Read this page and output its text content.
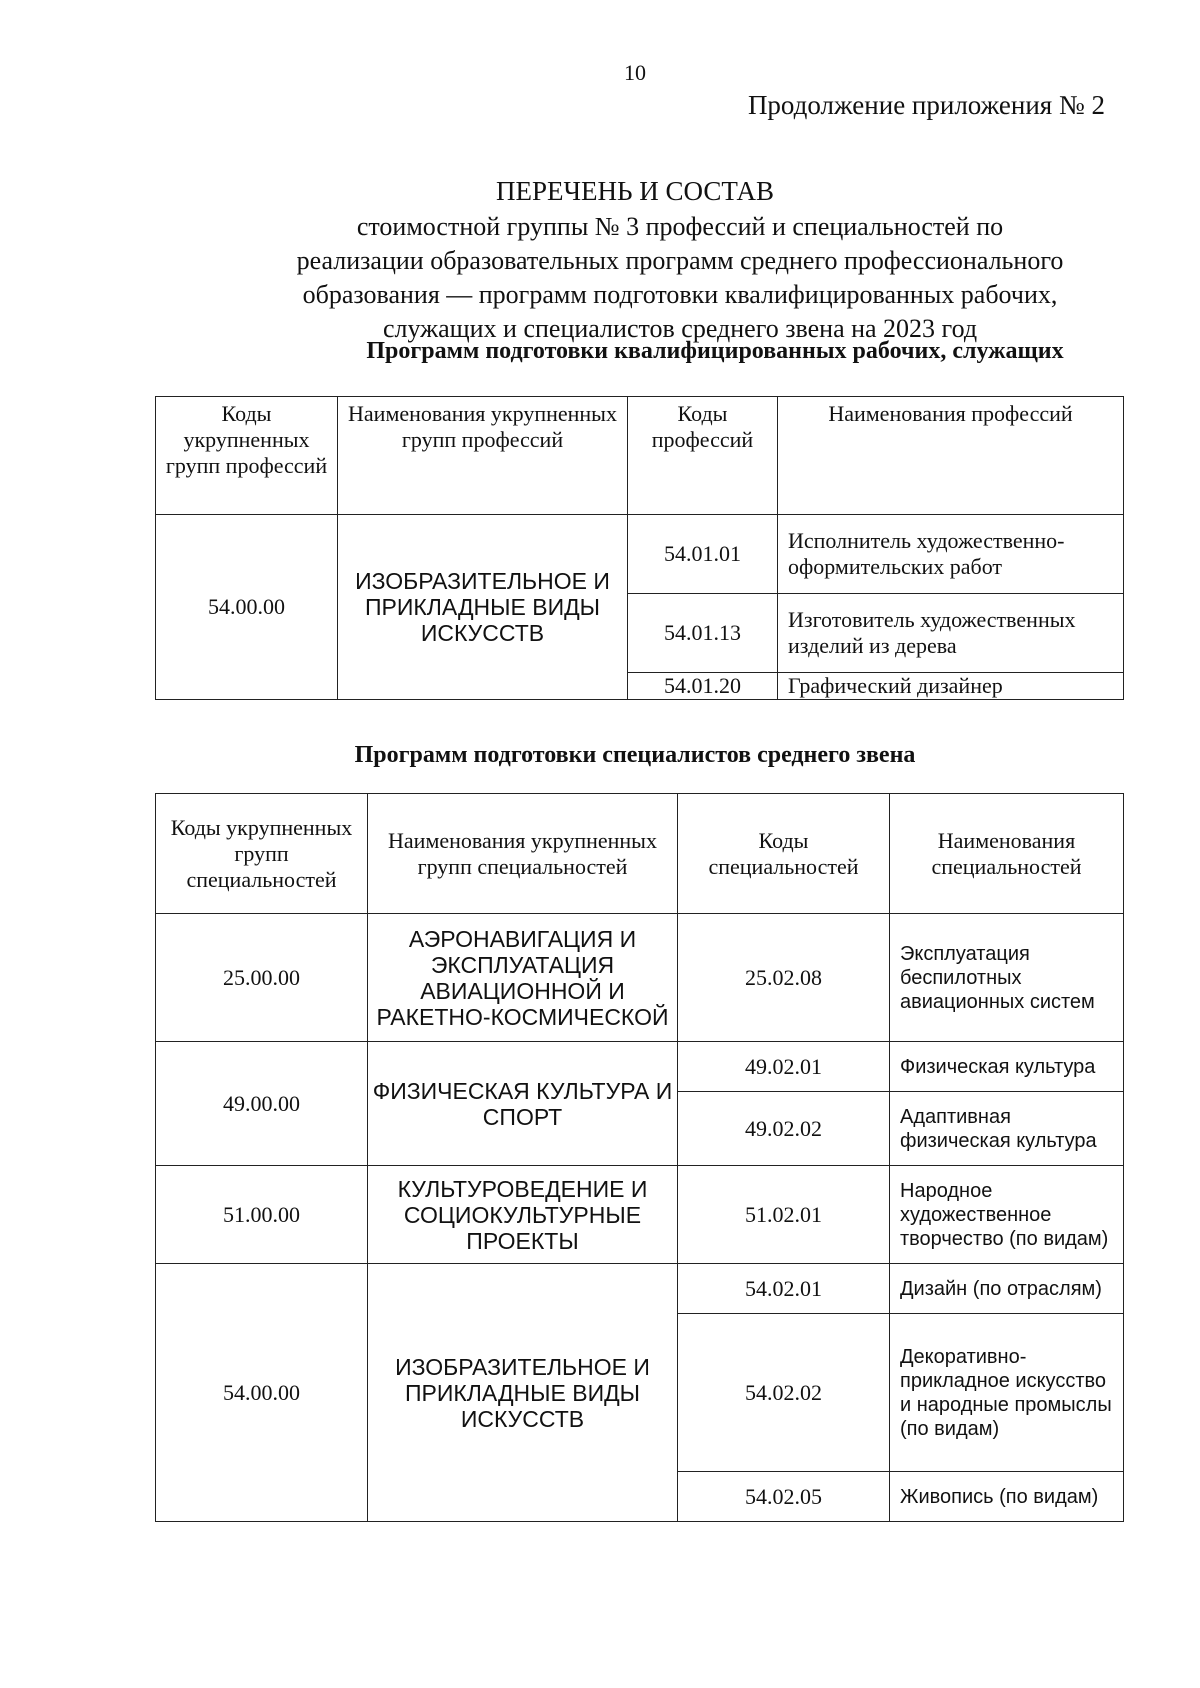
10
Продолжение приложения № 2
ПЕРЕЧЕНЬ И СОСТАВ
стоимостной группы № 3 профессий и специальностей по
реализации образовательных программ среднего профессионального
образования — программ подготовки квалифицированных рабочих,
служащих и специалистов среднего звена на 2023 год
Программ подготовки квалифицированных рабочих, служащих
Коды укрупненных групп профессий	Наименования укрупненных групп профессий	Коды профессий	Наименования профессий
54.00.00	ИЗОБРАЗИТЕЛЬНОЕ И ПРИКЛАДНЫЕ ВИДЫ ИСКУССТВ	54.01.01	Исполнитель художественно-оформительских работ
		54.01.13	Изготовитель художественных изделий из дерева
		54.01.20	Графический дизайнер
Программ подготовки специалистов среднего звена
Коды укрупненных групп специальностей	Наименования укрупненных групп специальностей	Коды специальностей	Наименования специальностей
25.00.00	АЭРОНАВИГАЦИЯ И ЭКСПЛУАТАЦИЯ АВИАЦИОННОЙ И РАКЕТНО-КОСМИЧЕСКОЙ	25.02.08	Эксплуатация беспилотных авиационных систем
49.00.00	ФИЗИЧЕСКАЯ КУЛЬТУРА И СПОРТ	49.02.01	Физическая культура
		49.02.02	Адаптивная физическая культура
51.00.00	КУЛЬТУРОВЕДЕНИЕ И СОЦИОКУЛЬТУРНЫЕ ПРОЕКТЫ	51.02.01	Народное художественное творчество (по видам)
54.00.00	ИЗОБРАЗИТЕЛЬНОЕ И ПРИКЛАДНЫЕ ВИДЫ ИСКУССТВ	54.02.01	Дизайн (по отраслям)
		54.02.02	Декоративно-прикладное искусство и народные промыслы (по видам)
		54.02.05	Живопись (по видам)
